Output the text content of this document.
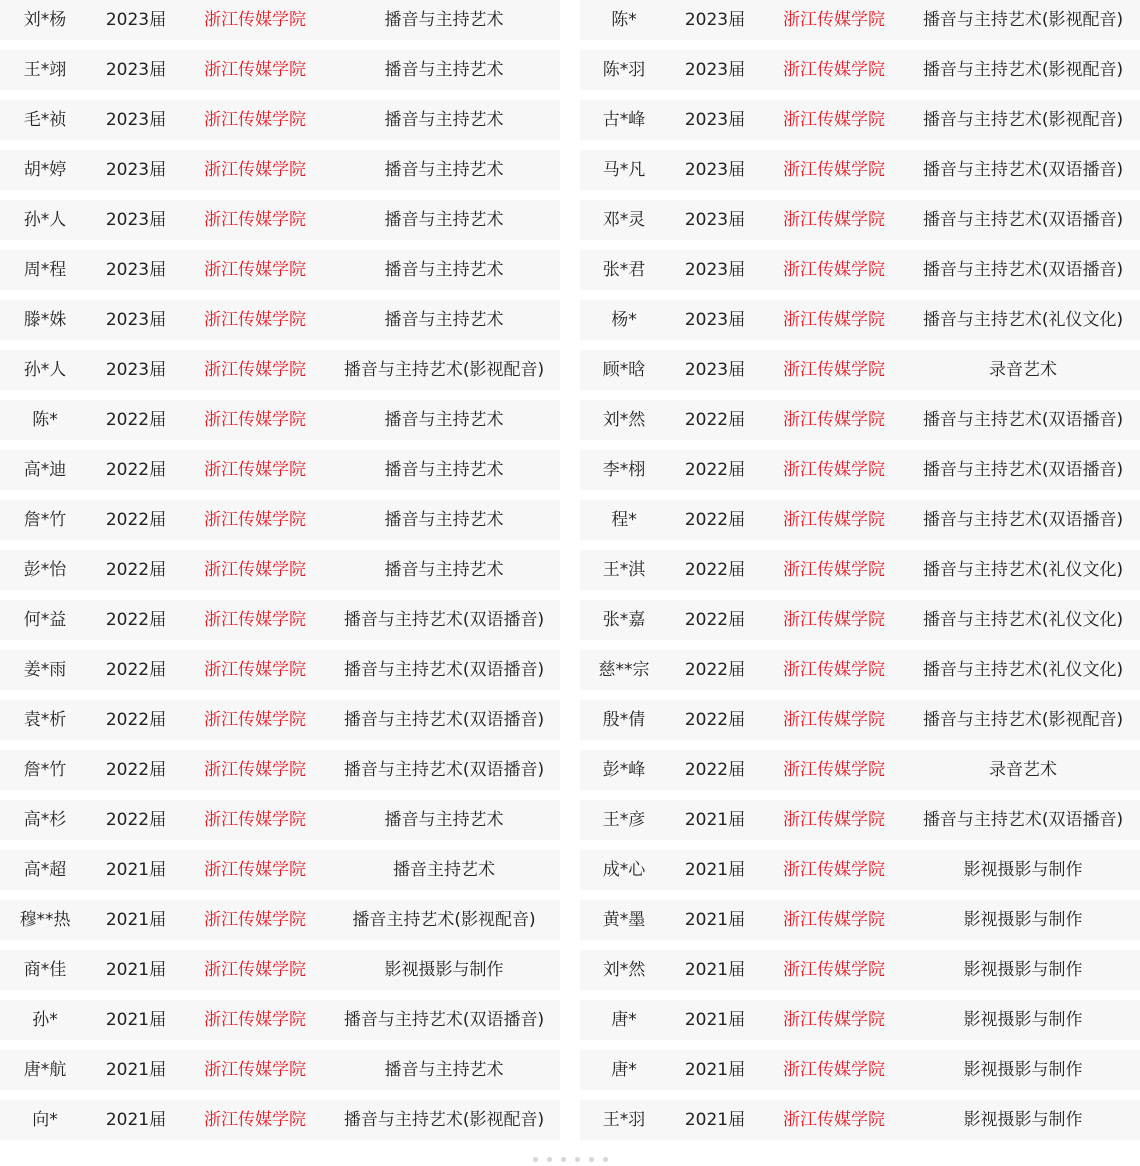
刘*杨	2023届	浙江传媒学院	播音与主持艺术
王*翊	2023届	浙江传媒学院	播音与主持艺术
毛*祯	2023届	浙江传媒学院	播音与主持艺术
胡*婷	2023届	浙江传媒学院	播音与主持艺术
孙*人	2023届	浙江传媒学院	播音与主持艺术
周*程	2023届	浙江传媒学院	播音与主持艺术
滕*姝	2023届	浙江传媒学院	播音与主持艺术
孙*人	2023届	浙江传媒学院	播音与主持艺术(影视配音)
陈*	2022届	浙江传媒学院	播音与主持艺术
高*迪	2022届	浙江传媒学院	播音与主持艺术
詹*竹	2022届	浙江传媒学院	播音与主持艺术
彭*怡	2022届	浙江传媒学院	播音与主持艺术
何*益	2022届	浙江传媒学院	播音与主持艺术(双语播音)
姜*雨	2022届	浙江传媒学院	播音与主持艺术(双语播音)
袁*析	2022届	浙江传媒学院	播音与主持艺术(双语播音)
詹*竹	2022届	浙江传媒学院	播音与主持艺术(双语播音)
高*杉	2022届	浙江传媒学院	播音与主持艺术
高*超	2021届	浙江传媒学院	播音主持艺术
穆**热	2021届	浙江传媒学院	播音主持艺术(影视配音)
商*佳	2021届	浙江传媒学院	影视摄影与制作
孙*	2021届	浙江传媒学院	播音与主持艺术(双语播音)
唐*航	2021届	浙江传媒学院	播音与主持艺术
向*	2021届	浙江传媒学院	播音与主持艺术(影视配音)
陈*	2023届	浙江传媒学院	播音与主持艺术(影视配音)
陈*羽	2023届	浙江传媒学院	播音与主持艺术(影视配音)
古*峰	2023届	浙江传媒学院	播音与主持艺术(影视配音)
马*凡	2023届	浙江传媒学院	播音与主持艺术(双语播音)
邓*灵	2023届	浙江传媒学院	播音与主持艺术(双语播音)
张*君	2023届	浙江传媒学院	播音与主持艺术(双语播音)
杨*	2023届	浙江传媒学院	播音与主持艺术(礼仪文化)
顾*晗	2023届	浙江传媒学院	录音艺术
刘*然	2022届	浙江传媒学院	播音与主持艺术(双语播音)
李*栩	2022届	浙江传媒学院	播音与主持艺术(双语播音)
程*	2022届	浙江传媒学院	播音与主持艺术(双语播音)
王*淇	2022届	浙江传媒学院	播音与主持艺术(礼仪文化)
张*嘉	2022届	浙江传媒学院	播音与主持艺术(礼仪文化)
慈**宗	2022届	浙江传媒学院	播音与主持艺术(礼仪文化)
殷*倩	2022届	浙江传媒学院	播音与主持艺术(影视配音)
彭*峰	2022届	浙江传媒学院	录音艺术
王*彦	2021届	浙江传媒学院	播音与主持艺术(双语播音)
成*心	2021届	浙江传媒学院	影视摄影与制作
黄*墨	2021届	浙江传媒学院	影视摄影与制作
刘*然	2021届	浙江传媒学院	影视摄影与制作
唐*	2021届	浙江传媒学院	影视摄影与制作
唐*	2021届	浙江传媒学院	影视摄影与制作
王*羽	2021届	浙江传媒学院	影视摄影与制作
